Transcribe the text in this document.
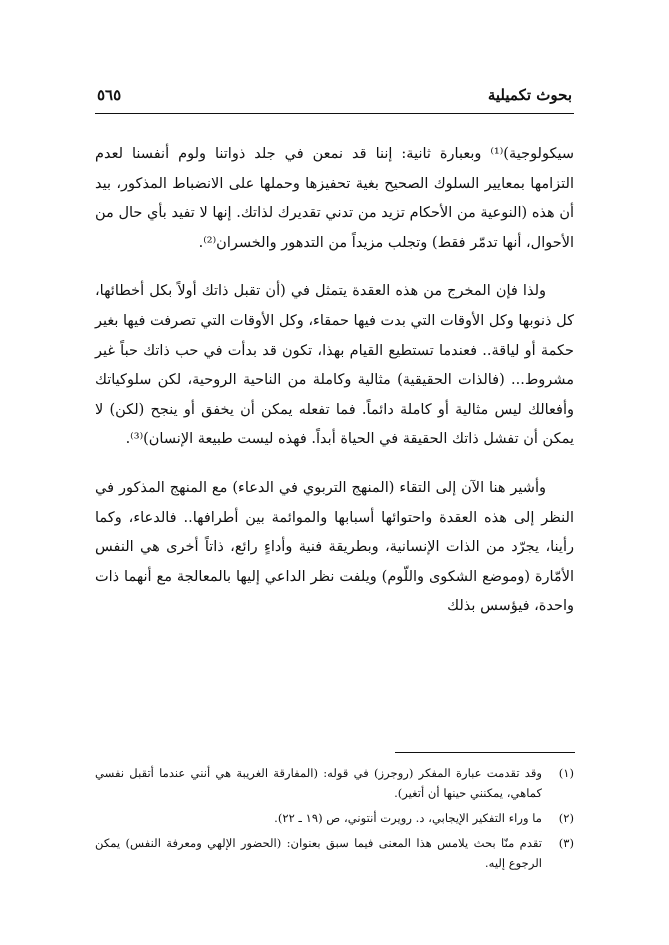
بحوث تكميلية
٥٦٥

سيكولوجية)⁽¹⁾ وبعبارة ثانية: إننا قد نمعن في جلد ذواتنا ولوم أنفسنا لعدم التزامها بمعايير السلوك الصحيح بغية تحفيزها وحملها على الانضباط المذكور، بيد أن هذه (النوعية من الأحكام تزيد من تدني تقديرك لذاتك. إنها لا تفيد بأي حال من الأحوال، أنها تدمّر فقط) وتجلب مزيداً من التدهور والخسران⁽²⁾.

ولذا فإن المخرج من هذه العقدة يتمثل في (أن تقبل ذاتك أولاً بكل أخطائها، كل ذنوبها وكل الأوقات التي بدت فيها حمقاء، وكل الأوقات التي تصرفت فيها بغير حكمة أو لياقة.. فعندما تستطيع القيام بهذا، تكون قد بدأت في حب ذاتك حباً غير مشروط... (فالذات الحقيقية) مثالية وكاملة من الناحية الروحية، لكن سلوكياتك وأفعالك ليس مثالية أو كاملة دائماً. فما تفعله يمكن أن يخفق أو ينجح (لكن) لا يمكن أن تفشل ذاتك الحقيقة في الحياة أبداً. فهذه ليست طبيعة الإنسان)⁽³⁾.

وأشير هنا الآن إلى التقاء (المنهج التربوي في الدعاء) مع المنهج المذكور في النظر إلى هذه العقدة واحتوائها أسبابها والموائمة بين أطرافها.. فالدعاء، وكما رأينا، يجرّد من الذات الإنسانية، وبطريقة فنية وأداءٍ رائع، ذاتاً أخرى هي النفس الأمّارة (وموضع الشكوى واللّوم) ويلفت نظر الداعي إليها بالمعالجة مع أنهما ذات واحدة، فيؤسس بذلك

(١)
وقد تقدمت عبارة المفكر (روجرز) في قوله: (المفارقة الغريبة هي أنني عندما أتقبل نفسي كماهي، يمكنني حينها أن أتغير).
(٢)
ما وراء التفكير الإيجابي، د. رويرت أنتوني، ص (١٩ ـ ٢٢).
(٣)
تقدم منّا بحث يلامس هذا المعنى فيما سبق بعنوان: (الحضور الإلهي ومعرفة النفس) يمكن الرجوع إليه.
